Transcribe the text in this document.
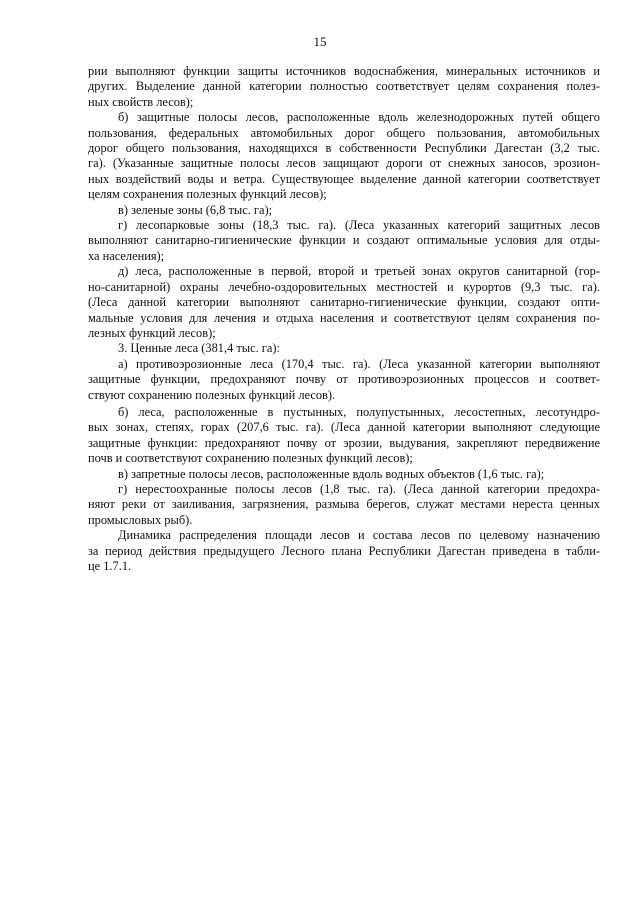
15
рии выполняют функции защиты источников водоснабжения, минеральных источников и
других. Выделение данной категории полностью соответствует целям сохранения полез-
ных свойств лесов);
б) защитные полосы лесов, расположенные вдоль железнодорожных путей общего
пользования, федеральных автомобильных дорог общего пользования, автомобильных
дорог общего пользования, находящихся в собственности Республики Дагестан (3,2 тыс.
га). (Указанные защитные полосы лесов защищают дороги от снежных заносов, эрозион-
ных воздействий воды и ветра. Существующее выделение данной категории соответствует
целям сохранения полезных функций лесов);
в) зеленые зоны (6,8 тыс. га);
г) лесопарковые зоны (18,3 тыс. га). (Леса указанных категорий защитных лесов
выполняют санитарно-гигиенические функции и создают оптимальные условия для отды-
ха населения);
д) леса, расположенные в первой, второй и третьей зонах округов санитарной (гор-
но-санитарной) охраны лечебно-оздоровительных местностей и курортов (9,3 тыс. га).
(Леса данной категории выполняют санитарно-гигиенические функции, создают опти-
мальные условия для лечения и отдыха населения и соответствуют целям сохранения по-
лезных функций лесов);
3. Ценные леса (381,4 тыс. га):
а) противоэрозионные леса (170,4 тыс. га). (Леса указанной категории выполняют
защитные функции, предохраняют почву от противоэрозионных процессов и соответ-
ствуют сохранению полезных функций лесов).
б) леса, расположенные в пустынных, полупустынных, лесостепных, лесотундро-
вых зонах, степях, горах (207,6 тыс. га). (Леса данной категории выполняют следующие
защитные функции: предохраняют почву от эрозии, выдувания, закрепляют передвижение
почв и соответствуют сохранению полезных функций лесов);
в) запретные полосы лесов, расположенные вдоль водных объектов (1,6 тыс. га);
г) нерестоохранные полосы лесов (1,8 тыс. га). (Леса данной категории предохра-
няют реки от заиливания, загрязнения, размыва берегов, служат местами нереста ценных
промысловых рыб).
Динамика распределения площади лесов и состава лесов по целевому назначению
за период действия предыдущего Лесного плана Республики Дагестан приведена в табли-
це 1.7.1.
